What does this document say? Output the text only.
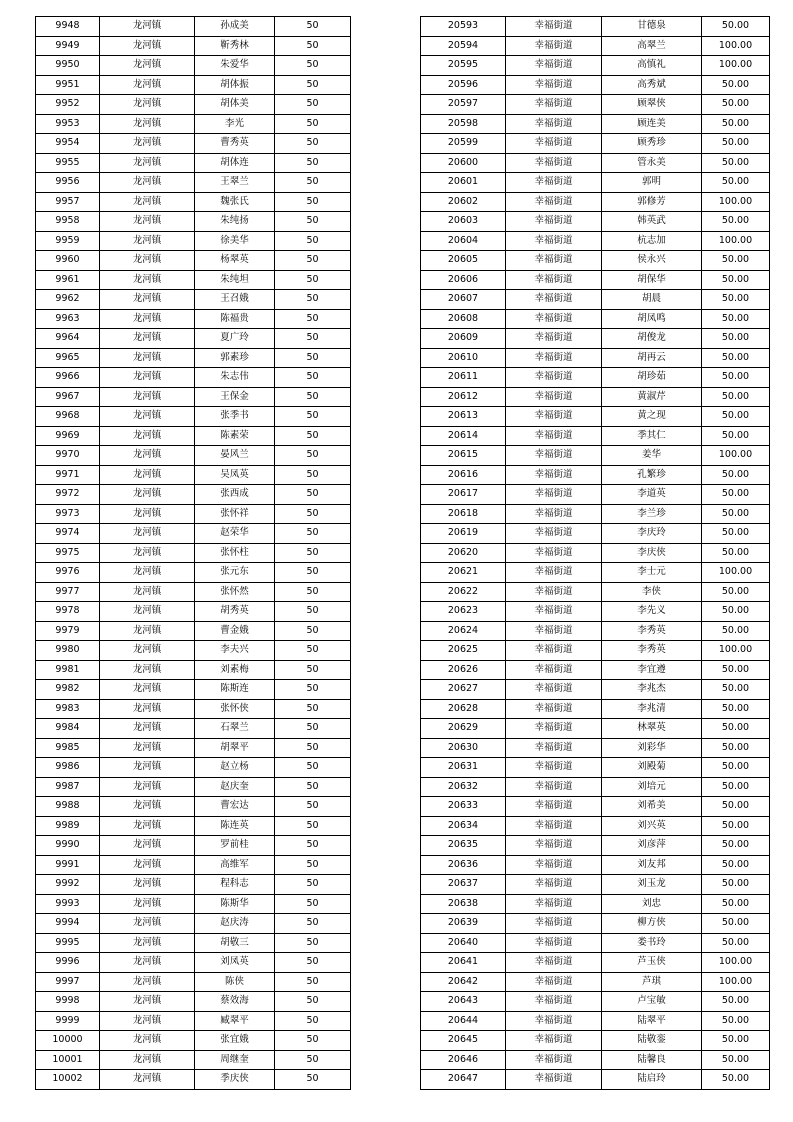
9948	龙河镇	孙成美	50
9949	龙河镇	靳秀林	50
9950	龙河镇	朱爱华	50
9951	龙河镇	胡体振	50
9952	龙河镇	胡体美	50
9953	龙河镇	李光	50
9954	龙河镇	曹秀英	50
9955	龙河镇	胡体连	50
9956	龙河镇	王翠兰	50
9957	龙河镇	魏张氏	50
9958	龙河镇	朱纯扬	50
9959	龙河镇	徐美华	50
9960	龙河镇	杨翠英	50
9961	龙河镇	朱纯坦	50
9962	龙河镇	王召娥	50
9963	龙河镇	陈福贵	50
9964	龙河镇	夏广玲	50
9965	龙河镇	郭素珍	50
9966	龙河镇	朱志伟	50
9967	龙河镇	王保金	50
9968	龙河镇	张季书	50
9969	龙河镇	陈素荣	50
9970	龙河镇	晏风兰	50
9971	龙河镇	吴凤英	50
9972	龙河镇	张西成	50
9973	龙河镇	张怀祥	50
9974	龙河镇	赵荣华	50
9975	龙河镇	张怀柱	50
9976	龙河镇	张元东	50
9977	龙河镇	张怀然	50
9978	龙河镇	胡秀英	50
9979	龙河镇	曹金娥	50
9980	龙河镇	李夫兴	50
9981	龙河镇	刘素梅	50
9982	龙河镇	陈斯连	50
9983	龙河镇	张怀侠	50
9984	龙河镇	石翠兰	50
9985	龙河镇	胡翠平	50
9986	龙河镇	赵立杨	50
9987	龙河镇	赵庆奎	50
9988	龙河镇	曹宏达	50
9989	龙河镇	陈连英	50
9990	龙河镇	罗前桂	50
9991	龙河镇	高维军	50
9992	龙河镇	程科志	50
9993	龙河镇	陈斯华	50
9994	龙河镇	赵庆涛	50
9995	龙河镇	胡敬三	50
9996	龙河镇	刘凤英	50
9997	龙河镇	陈侠	50
9998	龙河镇	蔡效海	50
9999	龙河镇	臧翠平	50
10000	龙河镇	张宜娥	50
10001	龙河镇	周继奎	50
10002	龙河镇	季庆侠	50
20593	幸福街道	甘德泉	50.00
20594	幸福街道	高翠兰	100.00
20595	幸福街道	高慎礼	100.00
20596	幸福街道	高秀斌	50.00
20597	幸福街道	顾翠侠	50.00
20598	幸福街道	顾连美	50.00
20599	幸福街道	顾秀珍	50.00
20600	幸福街道	管永美	50.00
20601	幸福街道	郭明	50.00
20602	幸福街道	郭修芳	100.00
20603	幸福街道	韩英武	50.00
20604	幸福街道	杭志加	100.00
20605	幸福街道	侯永兴	50.00
20606	幸福街道	胡保华	50.00
20607	幸福街道	胡晨	50.00
20608	幸福街道	胡凤鸣	50.00
20609	幸福街道	胡俊龙	50.00
20610	幸福街道	胡再云	50.00
20611	幸福街道	胡珍茹	50.00
20612	幸福街道	黄淑芹	50.00
20613	幸福街道	黄之现	50.00
20614	幸福街道	季其仁	50.00
20615	幸福街道	姜华	100.00
20616	幸福街道	孔繁珍	50.00
20617	幸福街道	李道英	50.00
20618	幸福街道	李兰珍	50.00
20619	幸福街道	李庆玲	50.00
20620	幸福街道	李庆侠	50.00
20621	幸福街道	李士元	100.00
20622	幸福街道	李侠	50.00
20623	幸福街道	李先义	50.00
20624	幸福街道	李秀英	50.00
20625	幸福街道	李秀英	100.00
20626	幸福街道	李宜遵	50.00
20627	幸福街道	李兆杰	50.00
20628	幸福街道	李兆清	50.00
20629	幸福街道	林翠英	50.00
20630	幸福街道	刘彩华	50.00
20631	幸福街道	刘殿菊	50.00
20632	幸福街道	刘培元	50.00
20633	幸福街道	刘希美	50.00
20634	幸福街道	刘兴英	50.00
20635	幸福街道	刘彦萍	50.00
20636	幸福街道	刘友邦	50.00
20637	幸福街道	刘玉龙	50.00
20638	幸福街道	刘忠	50.00
20639	幸福街道	柳方侠	50.00
20640	幸福街道	娄书玲	50.00
20641	幸福街道	芦玉侠	100.00
20642	幸福街道	芦琪	100.00
20643	幸福街道	卢宝敏	50.00
20644	幸福街道	陆翠平	50.00
20645	幸福街道	陆敬銮	50.00
20646	幸福街道	陆馨良	50.00
20647	幸福街道	陆启玲	50.00
